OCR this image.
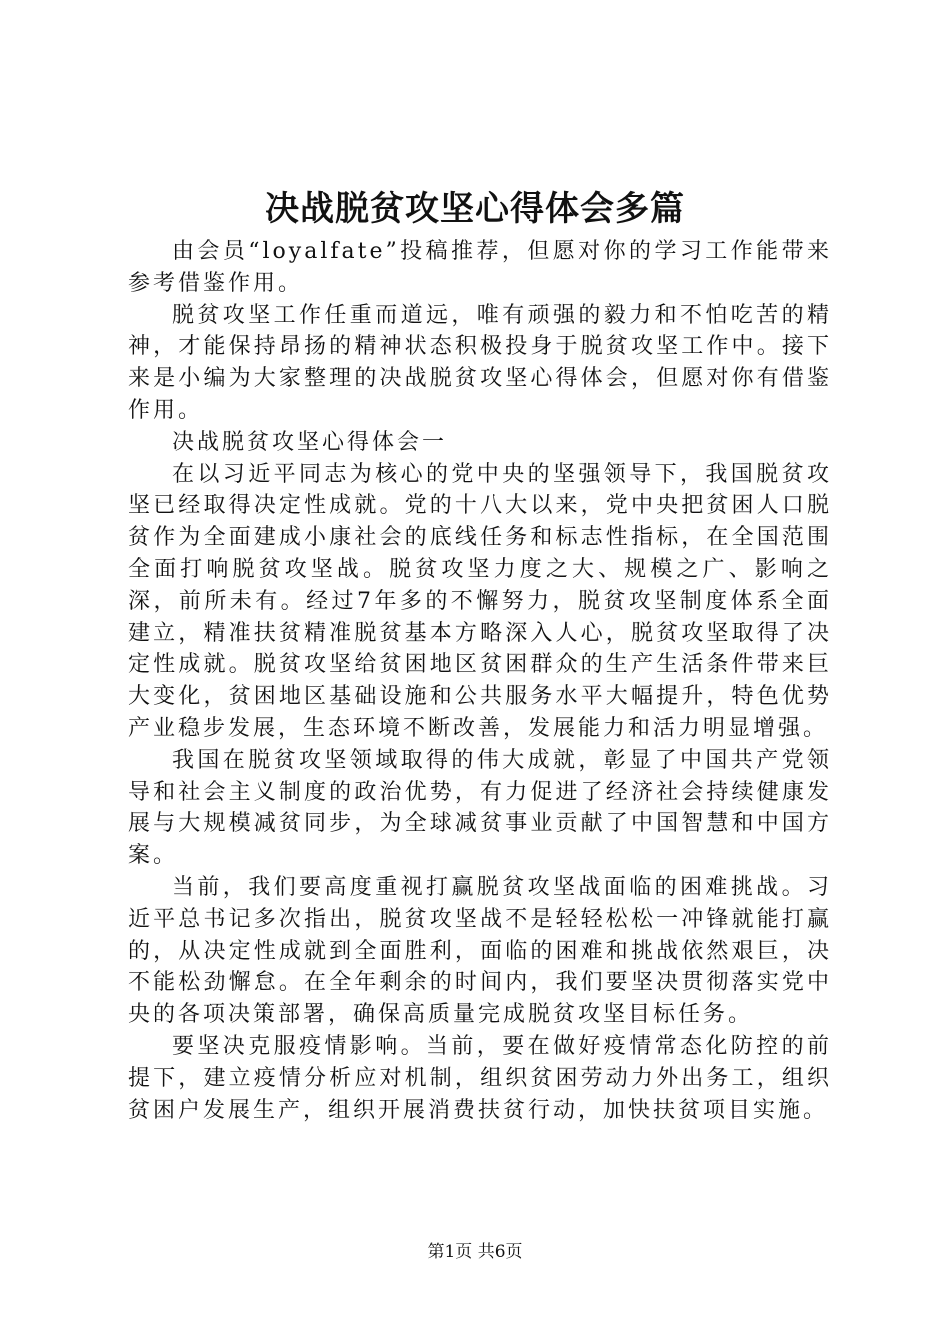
决战脱贫攻坚心得体会多篇

由会员“loyalfate”投稿推荐，但愿对你的学习工作能带来参考借鉴作用。

脱贫攻坚工作任重而道远，唯有顽强的毅力和不怕吃苦的精神，才能保持昂扬的精神状态积极投身于脱贫攻坚工作中。接下来是小编为大家整理的决战脱贫攻坚心得体会，但愿对你有借鉴作用。

决战脱贫攻坚心得体会一

在以习近平同志为核心的党中央的坚强领导下，我国脱贫攻坚已经取得决定性成就。党的十八大以来，党中央把贫困人口脱贫作为全面建成小康社会的底线任务和标志性指标，在全国范围全面打响脱贫攻坚战。脱贫攻坚力度之大、规模之广、影响之深，前所未有。经过7年多的不懈努力，脱贫攻坚制度体系全面建立，精准扶贫精准脱贫基本方略深入人心，脱贫攻坚取得了决定性成就。脱贫攻坚给贫困地区贫困群众的生产生活条件带来巨大变化，贫困地区基础设施和公共服务水平大幅提升，特色优势产业稳步发展，生态环境不断改善，发展能力和活力明显增强。

我国在脱贫攻坚领域取得的伟大成就，彰显了中国共产党领导和社会主义制度的政治优势，有力促进了经济社会持续健康发展与大规模减贫同步，为全球减贫事业贡献了中国智慧和中国方案。

当前，我们要高度重视打赢脱贫攻坚战面临的困难挑战。习近平总书记多次指出，脱贫攻坚战不是轻轻松松一冲锋就能打赢的，从决定性成就到全面胜利，面临的困难和挑战依然艰巨，决不能松劲懈怠。在全年剩余的时间内，我们要坚决贯彻落实党中央的各项决策部署，确保高质量完成脱贫攻坚目标任务。

要坚决克服疫情影响。当前，要在做好疫情常态化防控的前提下，建立疫情分析应对机制，组织贫困劳动力外出务工，组织贫困户发展生产，组织开展消费扶贫行动，加快扶贫项目实施。

第1页 共6页
